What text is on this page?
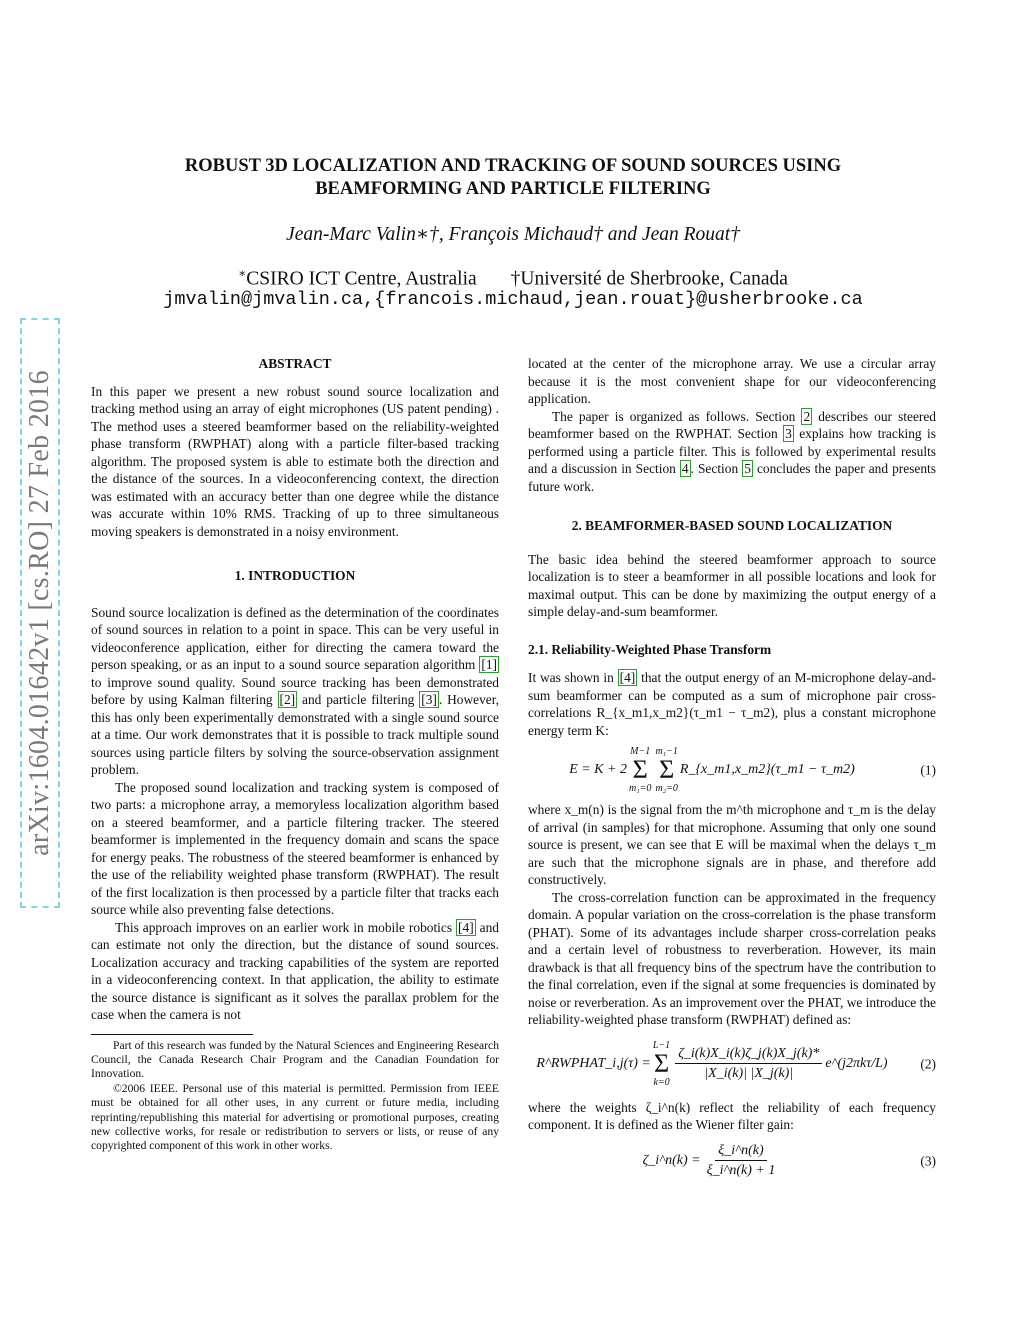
arXiv:1604.01642v1 [cs.RO] 27 Feb 2016
ROBUST 3D LOCALIZATION AND TRACKING OF SOUND SOURCES USING
BEAMFORMING AND PARTICLE FILTERING
Jean-Marc Valin∗†, François Michaud† and Jean Rouat†
∗CSIRO ICT Centre, Australia †Université de Sherbrooke, Canada
jmvalin@jmvalin.ca,{francois.michaud,jean.rouat}@usherbrooke.ca
ABSTRACT

In this paper we present a new robust sound source localization and tracking method using an array of eight microphones (US patent pending) . The method uses a steered beamformer based on the reliability-weighted phase transform (RWPHAT) along with a particle filter-based tracking algorithm. The proposed system is able to estimate both the direction and the distance of the sources. In a videoconferencing context, the direction was estimated with an accuracy better than one degree while the distance was accurate within 10% RMS. Tracking of up to three simultaneous moving speakers is demonstrated in a noisy environment.

1. INTRODUCTION

Sound source localization is defined as the determination of the coordinates of sound sources in relation to a point in space. This can be very useful in videoconference application, either for directing the camera toward the person speaking, or as an input to a sound source separation algorithm [1] to improve sound quality. Sound source tracking has been demonstrated before by using Kalman filtering [2] and particle filtering [3] . However, this has only been experimentally demonstrated with a single sound source at a time. Our work demonstrates that it is possible to track multiple sound sources using particle filters by solving the source-observation assignment problem.

The proposed sound localization and tracking system is composed of two parts: a microphone array, a memoryless localization algorithm based on a steered beamformer, and a particle filtering tracker. The steered beamformer is implemented in the frequency domain and scans the space for energy peaks. The robustness of the steered beamformer is enhanced by the use of the reliability weighted phase transform (RWPHAT). The result of the first localization is then processed by a particle filter that tracks each source while also preventing false detections.

This approach improves on an earlier work in mobile robotics [4] and can estimate not only the direction, but the distance of sound sources. Localization accuracy and tracking capabilities of the system are reported in a videoconferencing context. In that application, the ability to estimate the source distance is significant as it solves the parallax problem for the case when the camera is not

Part of this research was funded by the Natural Sciences and Engineering Research Council, the Canada Research Chair Program and the Canadian Foundation for Innovation.

©2006 IEEE. Personal use of this material is permitted. Permission from IEEE must be obtained for all other uses, in any current or future media, including reprinting/republishing this material for advertising or promotional purposes, creating new collective works, for resale or redistribution to servers or lists, or reuse of any copyrighted component of this work in other works.

located at the center of the microphone array. We use a circular array because it is the most convenient shape for our videoconferencing application.

The paper is organized as follows. Section 2 describes our steered beamformer based on the RWPHAT. Section 3 explains how tracking is performed using a particle filter. This is followed by experimental results and a discussion in Section 4 . Section 5 concludes the paper and presents future work.

2. BEAMFORMER-BASED SOUND LOCALIZATION

The basic idea behind the steered beamformer approach to source localization is to steer a beamformer in all possible locations and look for maximal output. This can be done by maximizing the output energy of a simple delay-and-sum beamformer.

2.1. Reliability-Weighted Phase Transform

It was shown in [4] that the output energy of an M-microphone delay-and-sum beamformer can be computed as a sum of microphone pair cross-correlations R_{x_m1,x_m2}(τ_m1 − τ_m2), plus a constant microphone energy term K:

E = K + 2
M−1
Σ
m₁=0
m₁−1
Σ
m₂=0
R_{x_m1,x_m2}(τ_m1 − τ_m2)	(1)

where x_m(n) is the signal from the m^th microphone and τ_m is the delay of arrival (in samples) for that microphone. Assuming that only one sound source is present, we can see that E will be maximal when the delays τ_m are such that the microphone signals are in phase, and therefore add constructively.

The cross-correlation function can be approximated in the frequency domain. A popular variation on the cross-correlation is the phase transform (PHAT). Some of its advantages include sharper cross-correlation peaks and a certain level of robustness to reverberation. However, its main drawback is that all frequency bins of the spectrum have the contribution to the final correlation, even if the signal at some frequencies is dominated by noise or reverberation. As an improvement over the PHAT, we introduce the reliability-weighted phase transform (RWPHAT) defined as:

R^RWPHAT_i,j(τ) =
L−1
Σ
$k=0 \frac{\zeta\_i(k)X\_i(k)\zeta\_j(k)X\_j(k)*}{|X\_i(k)| |X\_j(k)|}$ e^(j2πkτ/L) (2)

where the weights ζ_i^n(k) reflect the reliability of each frequency component. It is defined as the Wiener filter gain:

ζ_i^n(k) = $\frac{\xi\_i\^{}n(k)}{\xi\_i\^{}n(k) + 1}$	(3)
